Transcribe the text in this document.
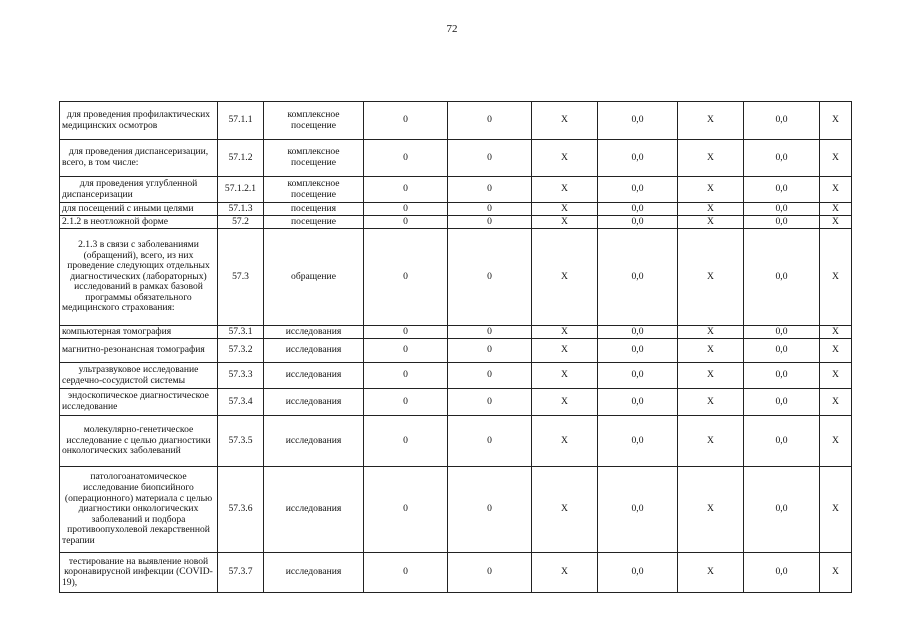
72
для проведения профилактических медицинских осмотров	57.1.1	комплексное посещение	0	0	X	0,0	X	0,0	X
для проведения диспансеризации, всего, в том числе:	57.1.2	комплексное посещение	0	0	X	0,0	X	0,0	X
для проведения углубленной диспансеризации	57.1.2.1	комплексное посещение	0	0	X	0,0	X	0,0	X
для посещений с иными целями	57.1.3	посещения	0	0	X	0,0	X	0,0	X
2.1.2 в неотложной форме	57.2	посещение	0	0	X	0,0	X	0,0	X
2.1.3 в связи с заболеваниями (обращений), всего, из них проведение следующих отдельных диагностических (лабораторных) исследований в рамках базовой программы обязательного медицинского страхования:	57.3	обращение	0	0	X	0,0	X	0,0	X
компьютерная томография	57.3.1	исследования	0	0	X	0,0	X	0,0	X
магнитно-резонансная томография	57.3.2	исследования	0	0	X	0,0	X	0,0	X
ультразвуковое исследование сердечно-сосудистой системы	57.3.3	исследования	0	0	X	0,0	X	0,0	X
эндоскопическое диагностическое исследование	57.3.4	исследования	0	0	X	0,0	X	0,0	X
молекулярно-генетическое исследование с целью диагностики онкологических заболеваний	57.3.5	исследования	0	0	X	0,0	X	0,0	X
патологоанатомическое исследование биопсийного (операционного) материала с целью диагностики онкологических заболеваний и подбора противоопухолевой лекарственной терапии	57.3.6	исследования	0	0	X	0,0	X	0,0	X
тестирование на выявление новой коронавирусной инфекции (COVID-19),	57.3.7	исследования	0	0	X	0,0	X	0,0	X
